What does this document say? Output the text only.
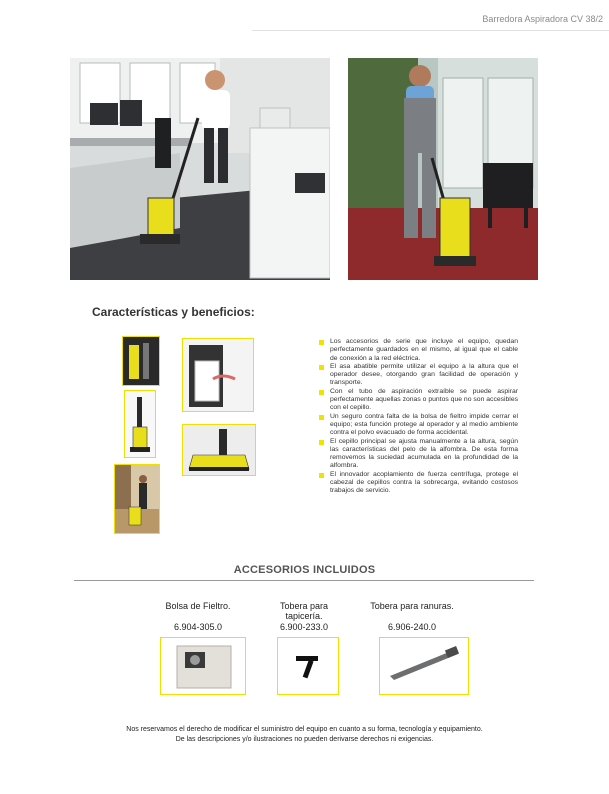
Barredora Aspiradora CV 38/2
Características y beneficios:
Los accesorios de serie que incluye el equipo, quedan perfectamente guardados en el mismo, al igual que el cable de conexión a la red eléctrica.
El asa abatible permite utilizar el equipo a la altura que el operador desee, otorgando gran facilidad de operación y transporte.
Con el tubo de aspiración extraíble se puede aspirar perfectamente aquellas zonas o puntos que no son accesibles con el cepillo.
Un seguro contra falta de la bolsa de fieltro impide cerrar el equipo; esta función protege al operador y al medio ambiente contra el polvo evacuado de forma accidental.
El cepillo principal se ajusta manualmente a la altura, según las características del pelo de la alfombra. De esta forma removemos la suciedad acumulada en la profundidad de la alfombra.
El innovador acoplamiento de fuerza centrífuga, protege el cabezal de cepillos contra la sobrecarga, evitando costosos trabajos de servicio.
ACCESORIOS INCLUIDOS
Bolsa de Fieltro.
6.904-305.0
Tobera para tapicería.
6.900-233.0
Tobera para ranuras.
6.906-240.0
Nos reservamos el derecho de modificar el suministro del equipo en cuanto a su forma, tecnología y equipamiento.
De las descripciones y/o ilustraciones no pueden derivarse derechos ni exigencias.
